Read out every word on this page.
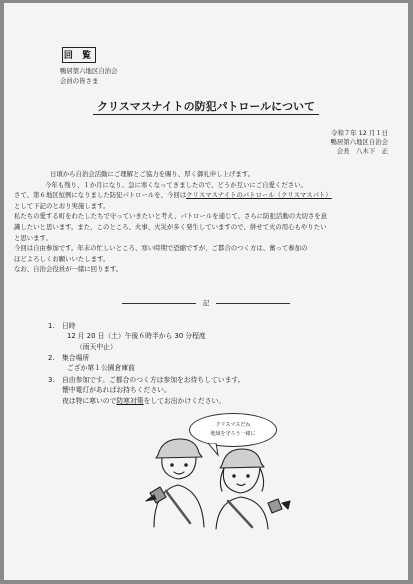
回 覧
鴨居第六地区自治会
会員の皆さま
クリスマスナイトの防犯パトロールについて
令和７年 12 月１日
鴨居第六地区自治会
会長　八木下　正

日頃から自治会活動にご理解とご協力を賜り、厚く御礼申し上げます。

今年も残り、１か月になり、急に寒くなってきましたので、どうか互いにご自愛ください。

さて、第６地区恒例になりました防犯パトロールを、今回はクリスマスナイトのパトロール（クリスマスパト）

として下記のとおり実施します。

私たちの愛する町をわたしたちで守っていきたいと考え、パトロールを通じて、さらに防犯活動の大切さを意

識したいと思います。また、このところ、火事、火災が多く発生していますので、併せて火の用心もやりたい

と思います。

今回は自由参加です。年末の忙しいところ、寒い時期で恐縮ですが、ご都合のつく方は、奮って参加の

ほどよろしくお願いいたします。

なお、自治会役員が一緒に回ります。

記
1.	日時
12 月 20 日（土）午後６時半から 30 分程度
（雨天中止）
2.	集合場所
ござか第１公園倉庫前
3.	自由参加です。ご都合のつく方は参加をお待ちしています。
懐中電灯があればお持ちください。
夜は特に寒いので防寒対策をしてお出かけください。
クリスマスだね
地域を守ろう一緒に
